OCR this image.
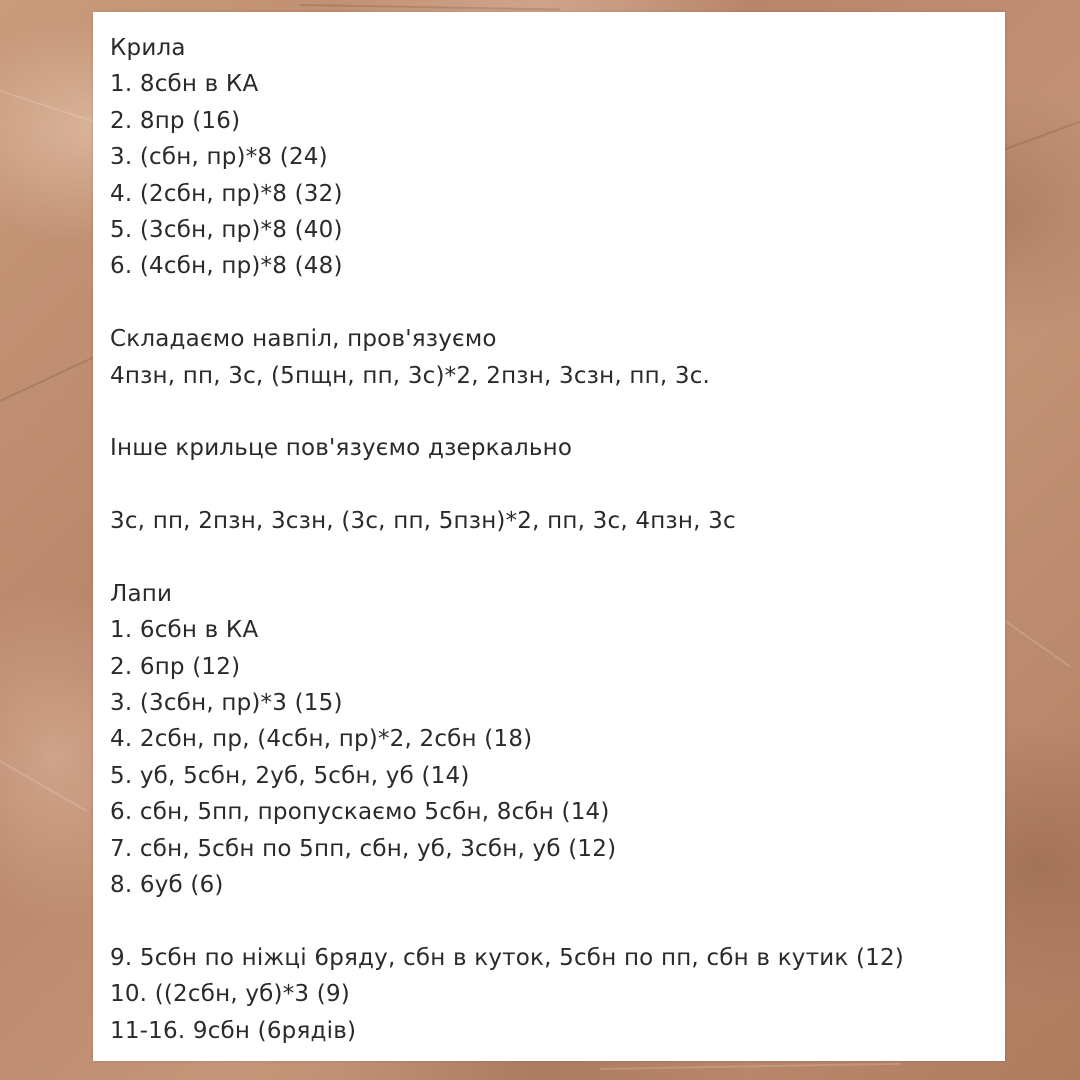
Крила
1. 8сбн в КА
2. 8пр (16)
3. (сбн, пр)*8 (24)
4. (2сбн, пр)*8 (32)
5. (3сбн, пр)*8 (40)
6. (4сбн, пр)*8 (48)
Складаємо навпіл, пров'язуємо
4пзн, пп, 3с, (5пщн, пп, 3с)*2, 2пзн, 3сзн, пп, 3с.
Інше крильце пов'язуємо дзеркально
3с, пп, 2пзн, 3сзн, (3с, пп, 5пзн)*2, пп, 3с, 4пзн, 3с
Лапи
1. 6сбн в КА
2. 6пр (12)
3. (3сбн, пр)*3 (15)
4. 2сбн, пр, (4сбн, пр)*2, 2сбн (18)
5. уб, 5сбн, 2уб, 5сбн, уб (14)
6. сбн, 5пп, пропускаємо 5сбн, 8сбн (14)
7. сбн, 5сбн по 5пп, сбн, уб, 3сбн, уб (12)
8. 6уб (6)
9. 5сбн по ніжці 6ряду, сбн в куток, 5сбн по пп, сбн в кутик (12)
10. ((2сбн, уб)*3 (9)
11-16. 9сбн (6рядів)
